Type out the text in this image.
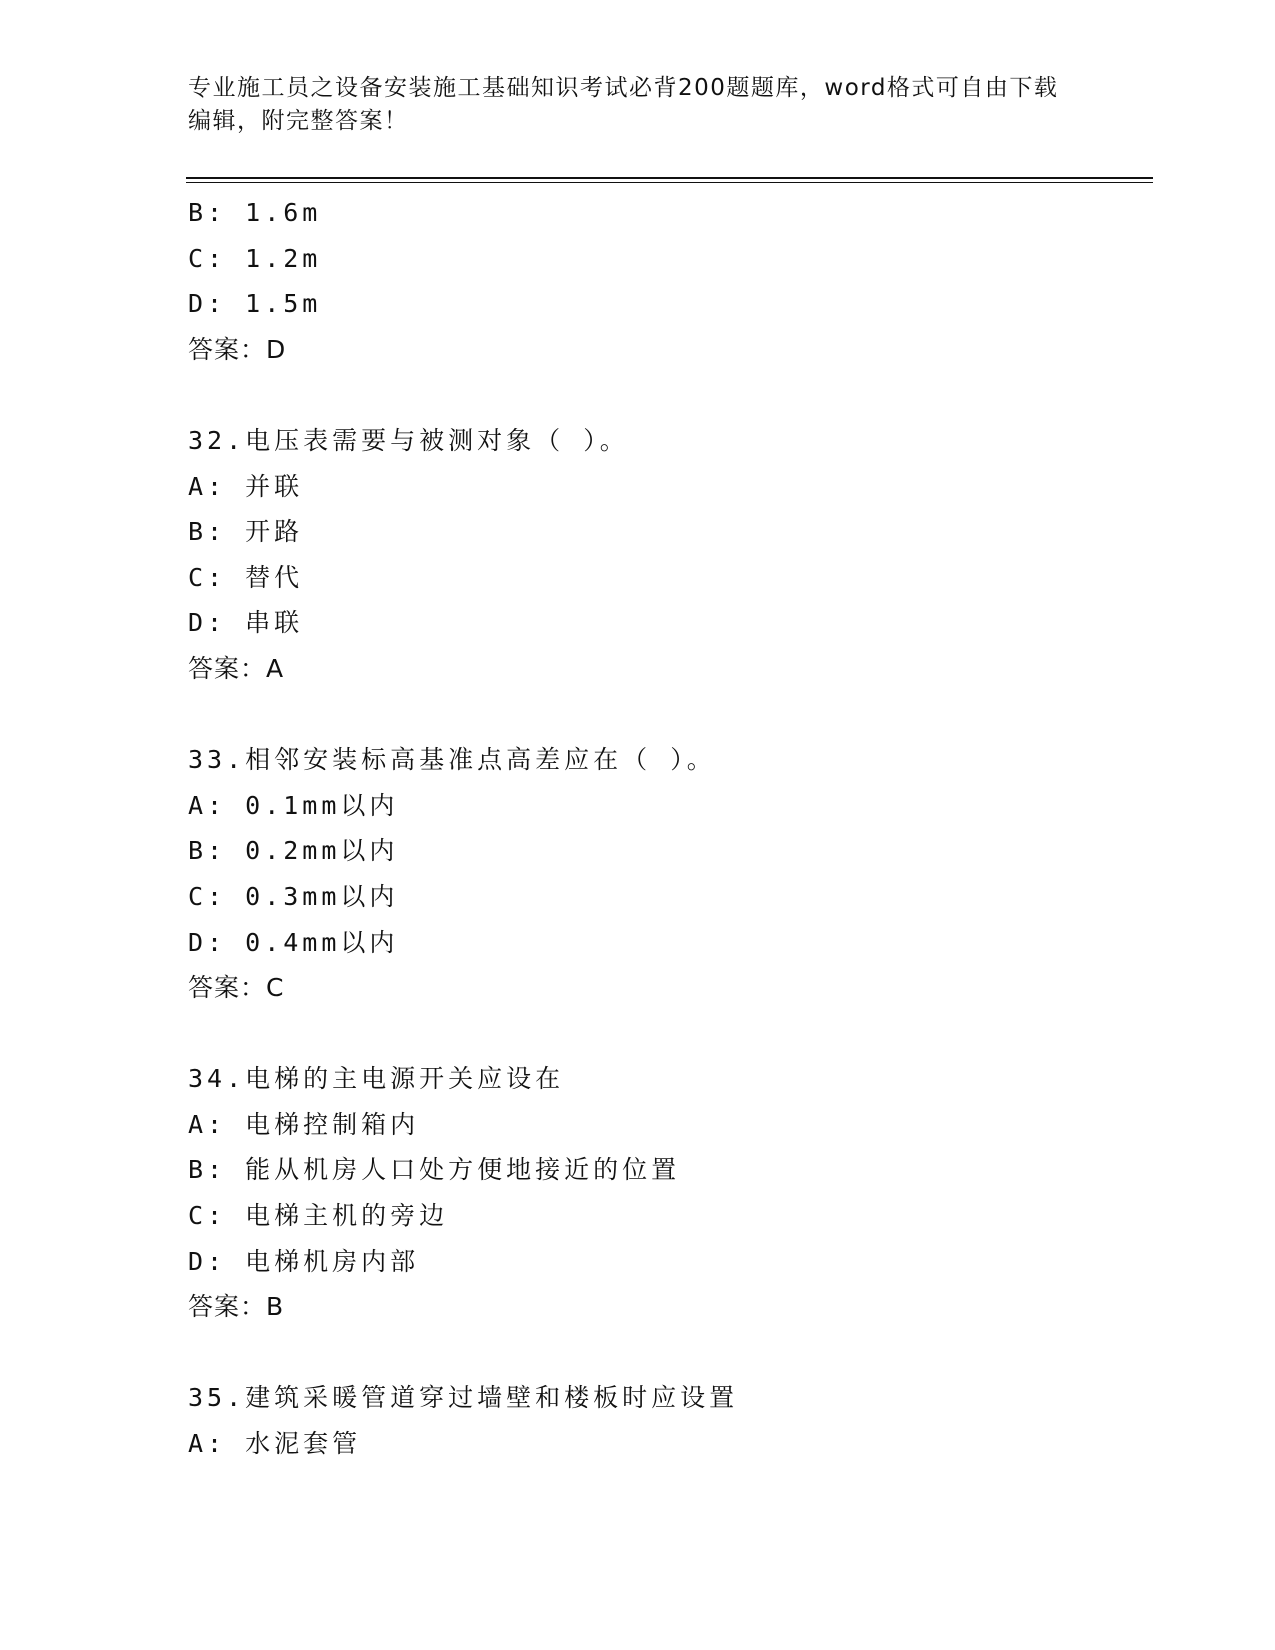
专业施工员之设备安装施工基础知识考试必背200题题库，word格式可自由下载
编辑，附完整答案！
B: 1.6m
C: 1.2m
D: 1.5m
答案：D
32.电压表需要与被测对象（ ）。
A: 并联
B: 开路
C: 替代
D: 串联
答案：A
33.相邻安装标高基准点高差应在（ ）。
A: 0.1mm以内
B: 0.2mm以内
C: 0.3mm以内
D: 0.4mm以内
答案：C
34.电梯的主电源开关应设在
A: 电梯控制箱内
B: 能从机房人口处方便地接近的位置
C: 电梯主机的旁边
D: 电梯机房内部
答案：B
35.建筑采暖管道穿过墙壁和楼板时应设置
A: 水泥套管
